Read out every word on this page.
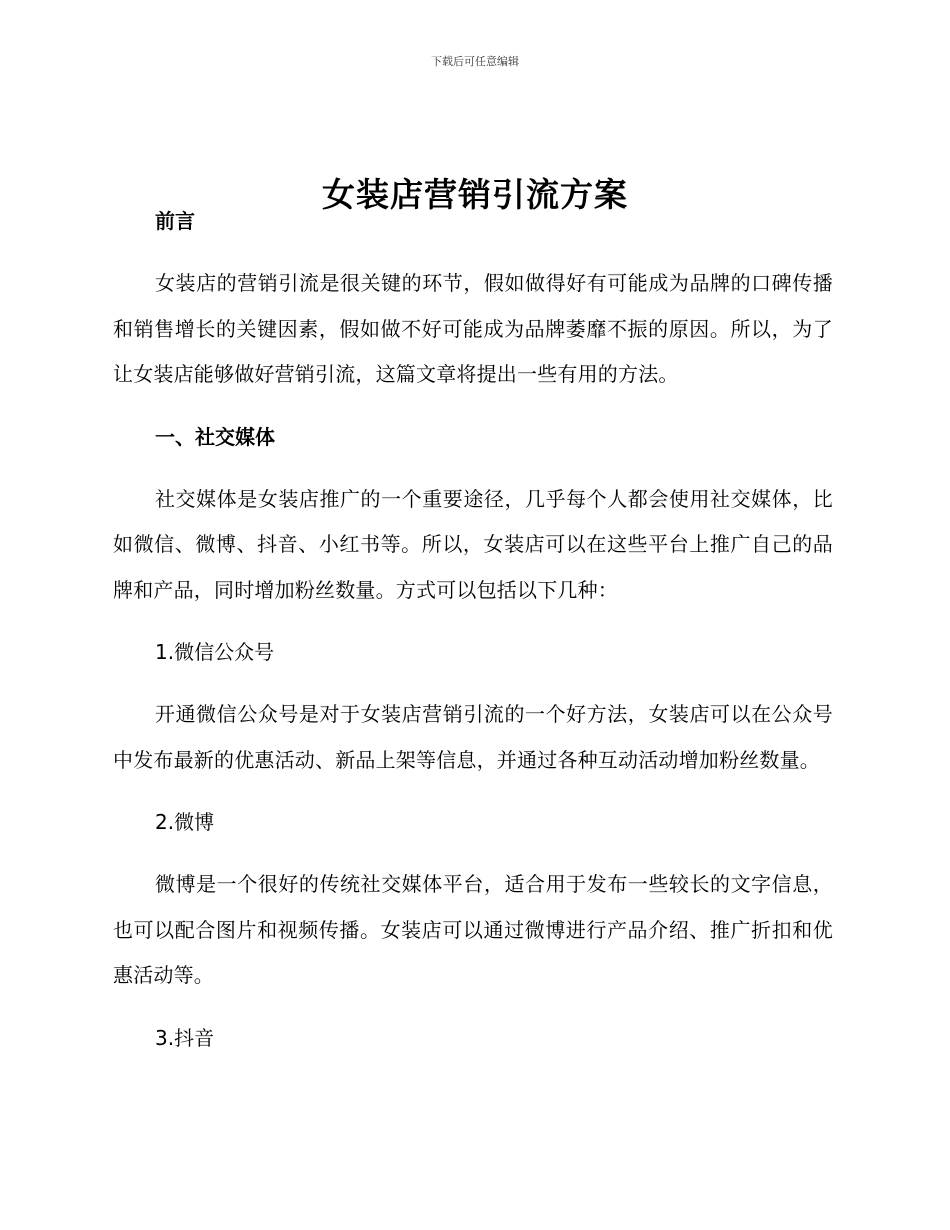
下载后可任意编辑
女装店营销引流方案

前言

女装店的营销引流是很关键的环节，假如做得好有可能成为品牌的口碑传播和销售增长的关键因素，假如做不好可能成为品牌萎靡不振的原因。所以，为了让女装店能够做好营销引流，这篇文章将提出一些有用的方法。

一、社交媒体

社交媒体是女装店推广的一个重要途径，几乎每个人都会使用社交媒体，比如微信、微博、抖音、小红书等。所以，女装店可以在这些平台上推广自己的品牌和产品，同时增加粉丝数量。方式可以包括以下几种：

1.微信公众号

开通微信公众号是对于女装店营销引流的一个好方法，女装店可以在公众号中发布最新的优惠活动、新品上架等信息，并通过各种互动活动增加粉丝数量。

2.微博

微博是一个很好的传统社交媒体平台，适合用于发布一些较长的文字信息，也可以配合图片和视频传播。女装店可以通过微博进行产品介绍、推广折扣和优惠活动等。

3.抖音
